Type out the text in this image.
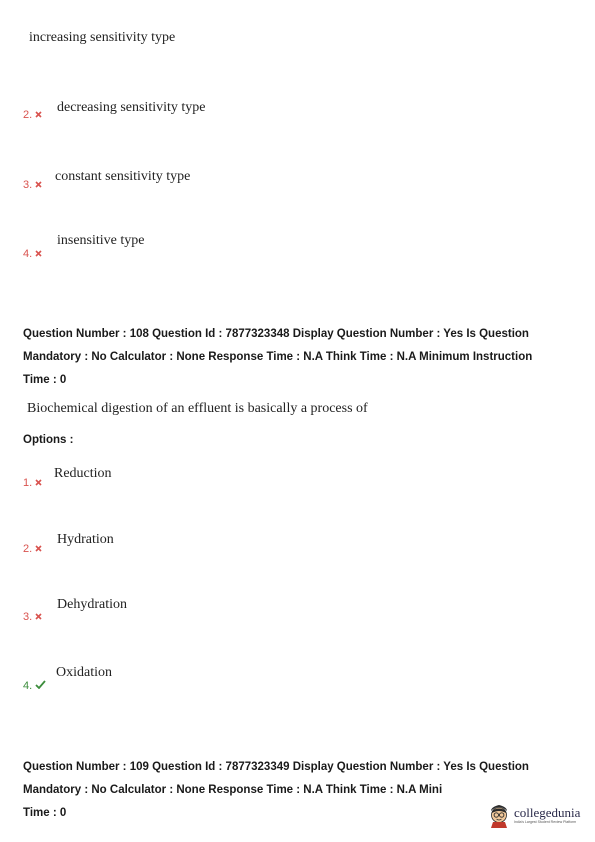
increasing sensitivity type
2.	decreasing sensitivity type
3.
constant sensitivity type
4.
insensitive type
Question Number : 108 Question Id : 7877323348 Display Question Number : Yes Is Question
Mandatory : No Calculator : None Response Time : N.A Think Time : N.A Minimum Instruction
Time : 0
Biochemical digestion of an effluent is basically a process of
Options :
1.
Reduction
2.
Hydration
3.
Dehydration
4.
Oxidation
Question Number : 109 Question Id : 7877323349 Display Question Number : Yes Is Question
Mandatory : No Calculator : None Response Time : N.A Think Time : N.A Mini
Time : 0	collegedunia
India's Largest Student Review Platform
